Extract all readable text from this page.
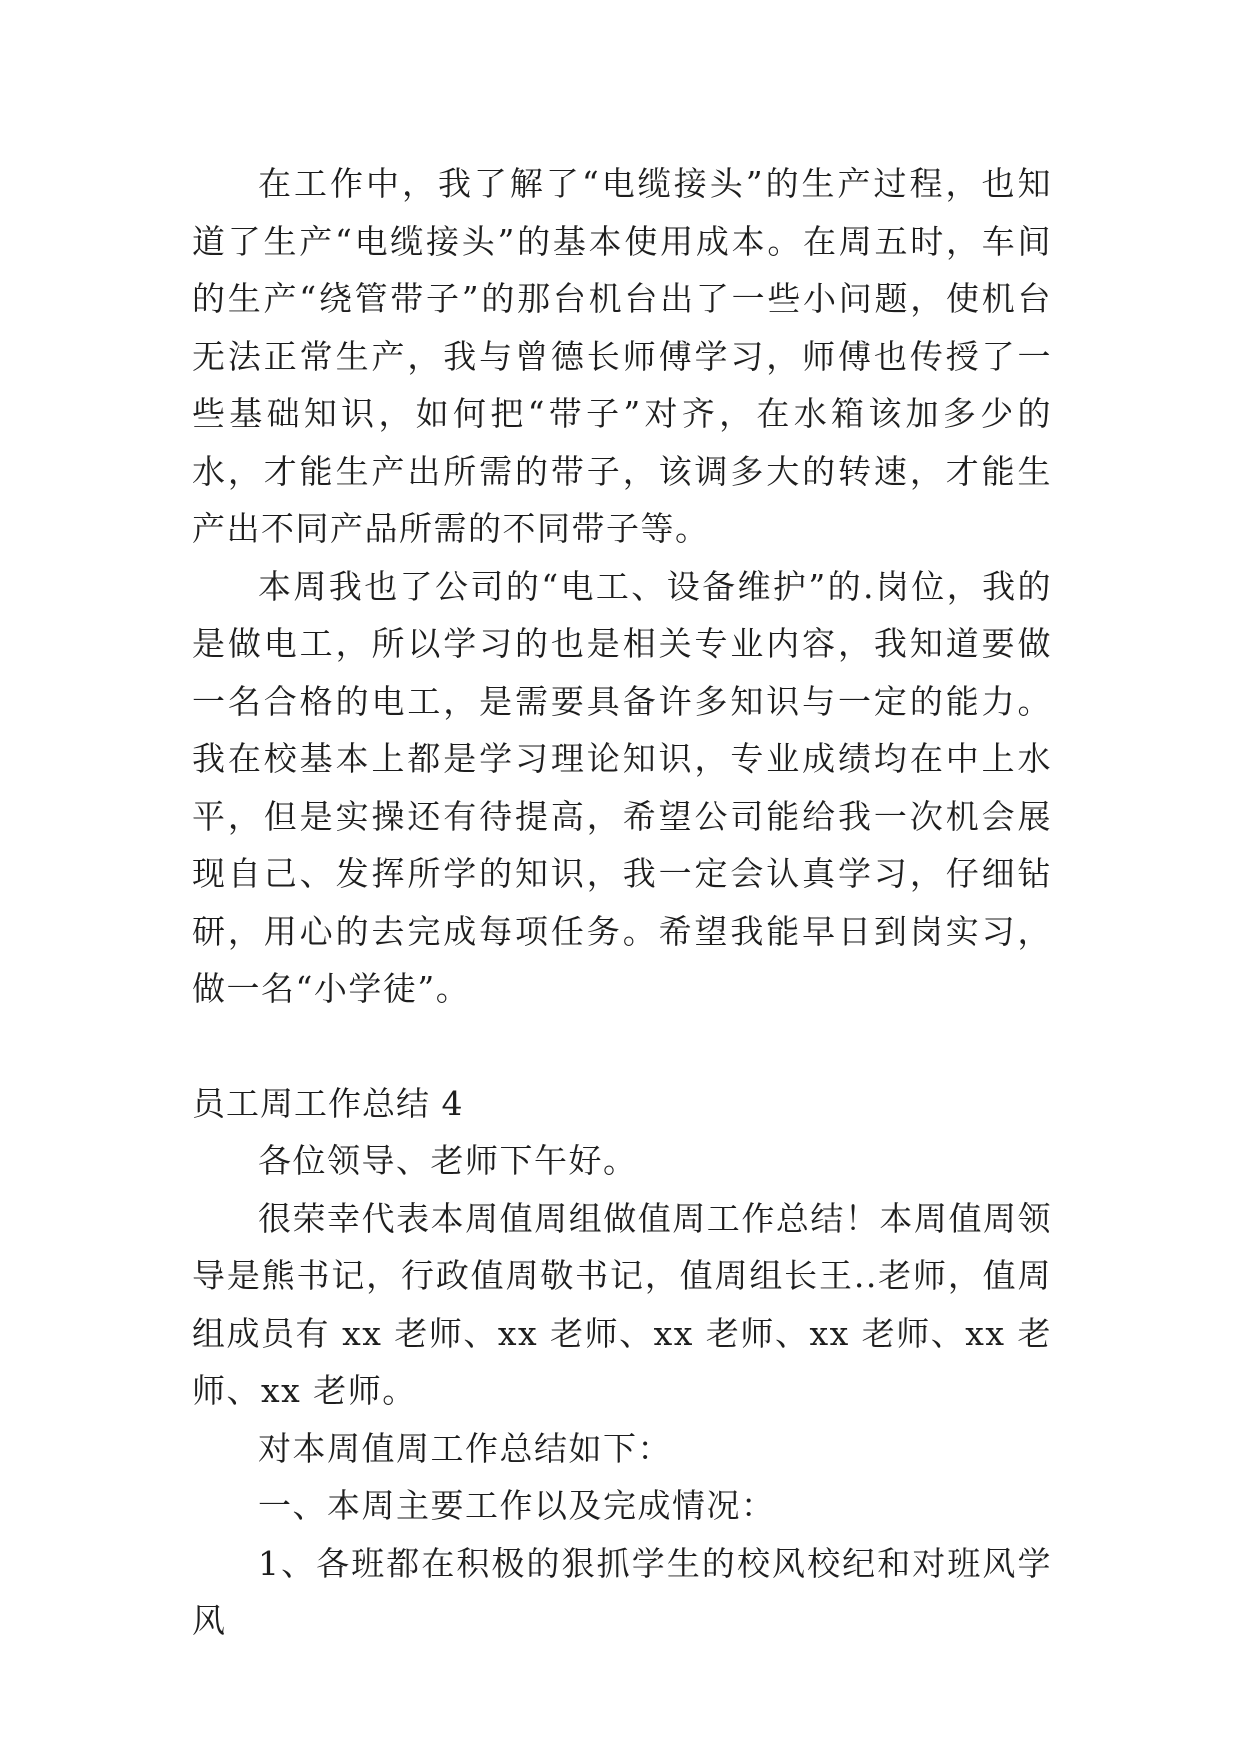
在工作中，我了解了“电缆接头”的生产过程，也知道了生产“电缆接头”的基本使用成本。在周五时，车间的生产“绕管带子”的那台机台出了一些小问题，使机台无法正常生产，我与曾德长师傅学习，师傅也传授了一些基础知识，如何把“带子”对齐，在水箱该加多少的水，才能生产出所需的带子，该调多大的转速，才能生产出不同产品所需的不同带子等。

本周我也了公司的“电工、设备维护”的.岗位，我的是做电工，所以学习的也是相关专业内容，我知道要做一名合格的电工，是需要具备许多知识与一定的能力。我在校基本上都是学习理论知识，专业成绩均在中上水平，但是实操还有待提高，希望公司能给我一次机会展现自己、发挥所学的知识，我一定会认真学习，仔细钻研，用心的去完成每项任务。希望我能早日到岗实习，做一名“小学徒”。

员工周工作总结 4

各位领导、老师下午好。

很荣幸代表本周值周组做值周工作总结！本周值周领导是熊书记，行政值周敬书记，值周组长王..老师，值周组成员有 xx 老师、xx 老师、xx 老师、xx 老师、xx 老师、xx 老师。

对本周值周工作总结如下：

一、本周主要工作以及完成情况：

1、各班都在积极的狠抓学生的校风校纪和对班风学风
